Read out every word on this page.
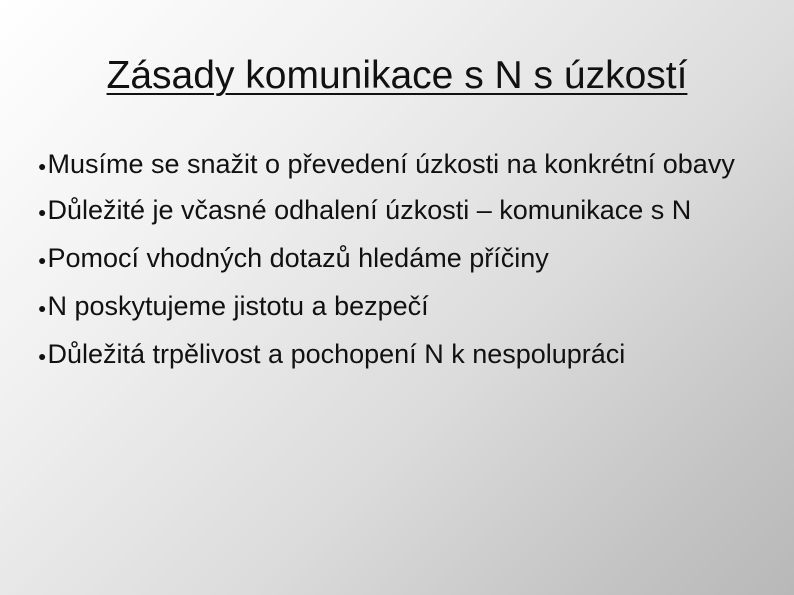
Zásady komunikace s N s úzkostí
●Musíme se snažit o převedení úzkosti na konkrétní obavy
●Důležité je včasné odhalení úzkosti – komunikace s N
●Pomocí vhodných dotazů hledáme příčiny
●N poskytujeme jistotu a bezpečí
●Důležitá trpělivost a pochopení N k nespolupráci
